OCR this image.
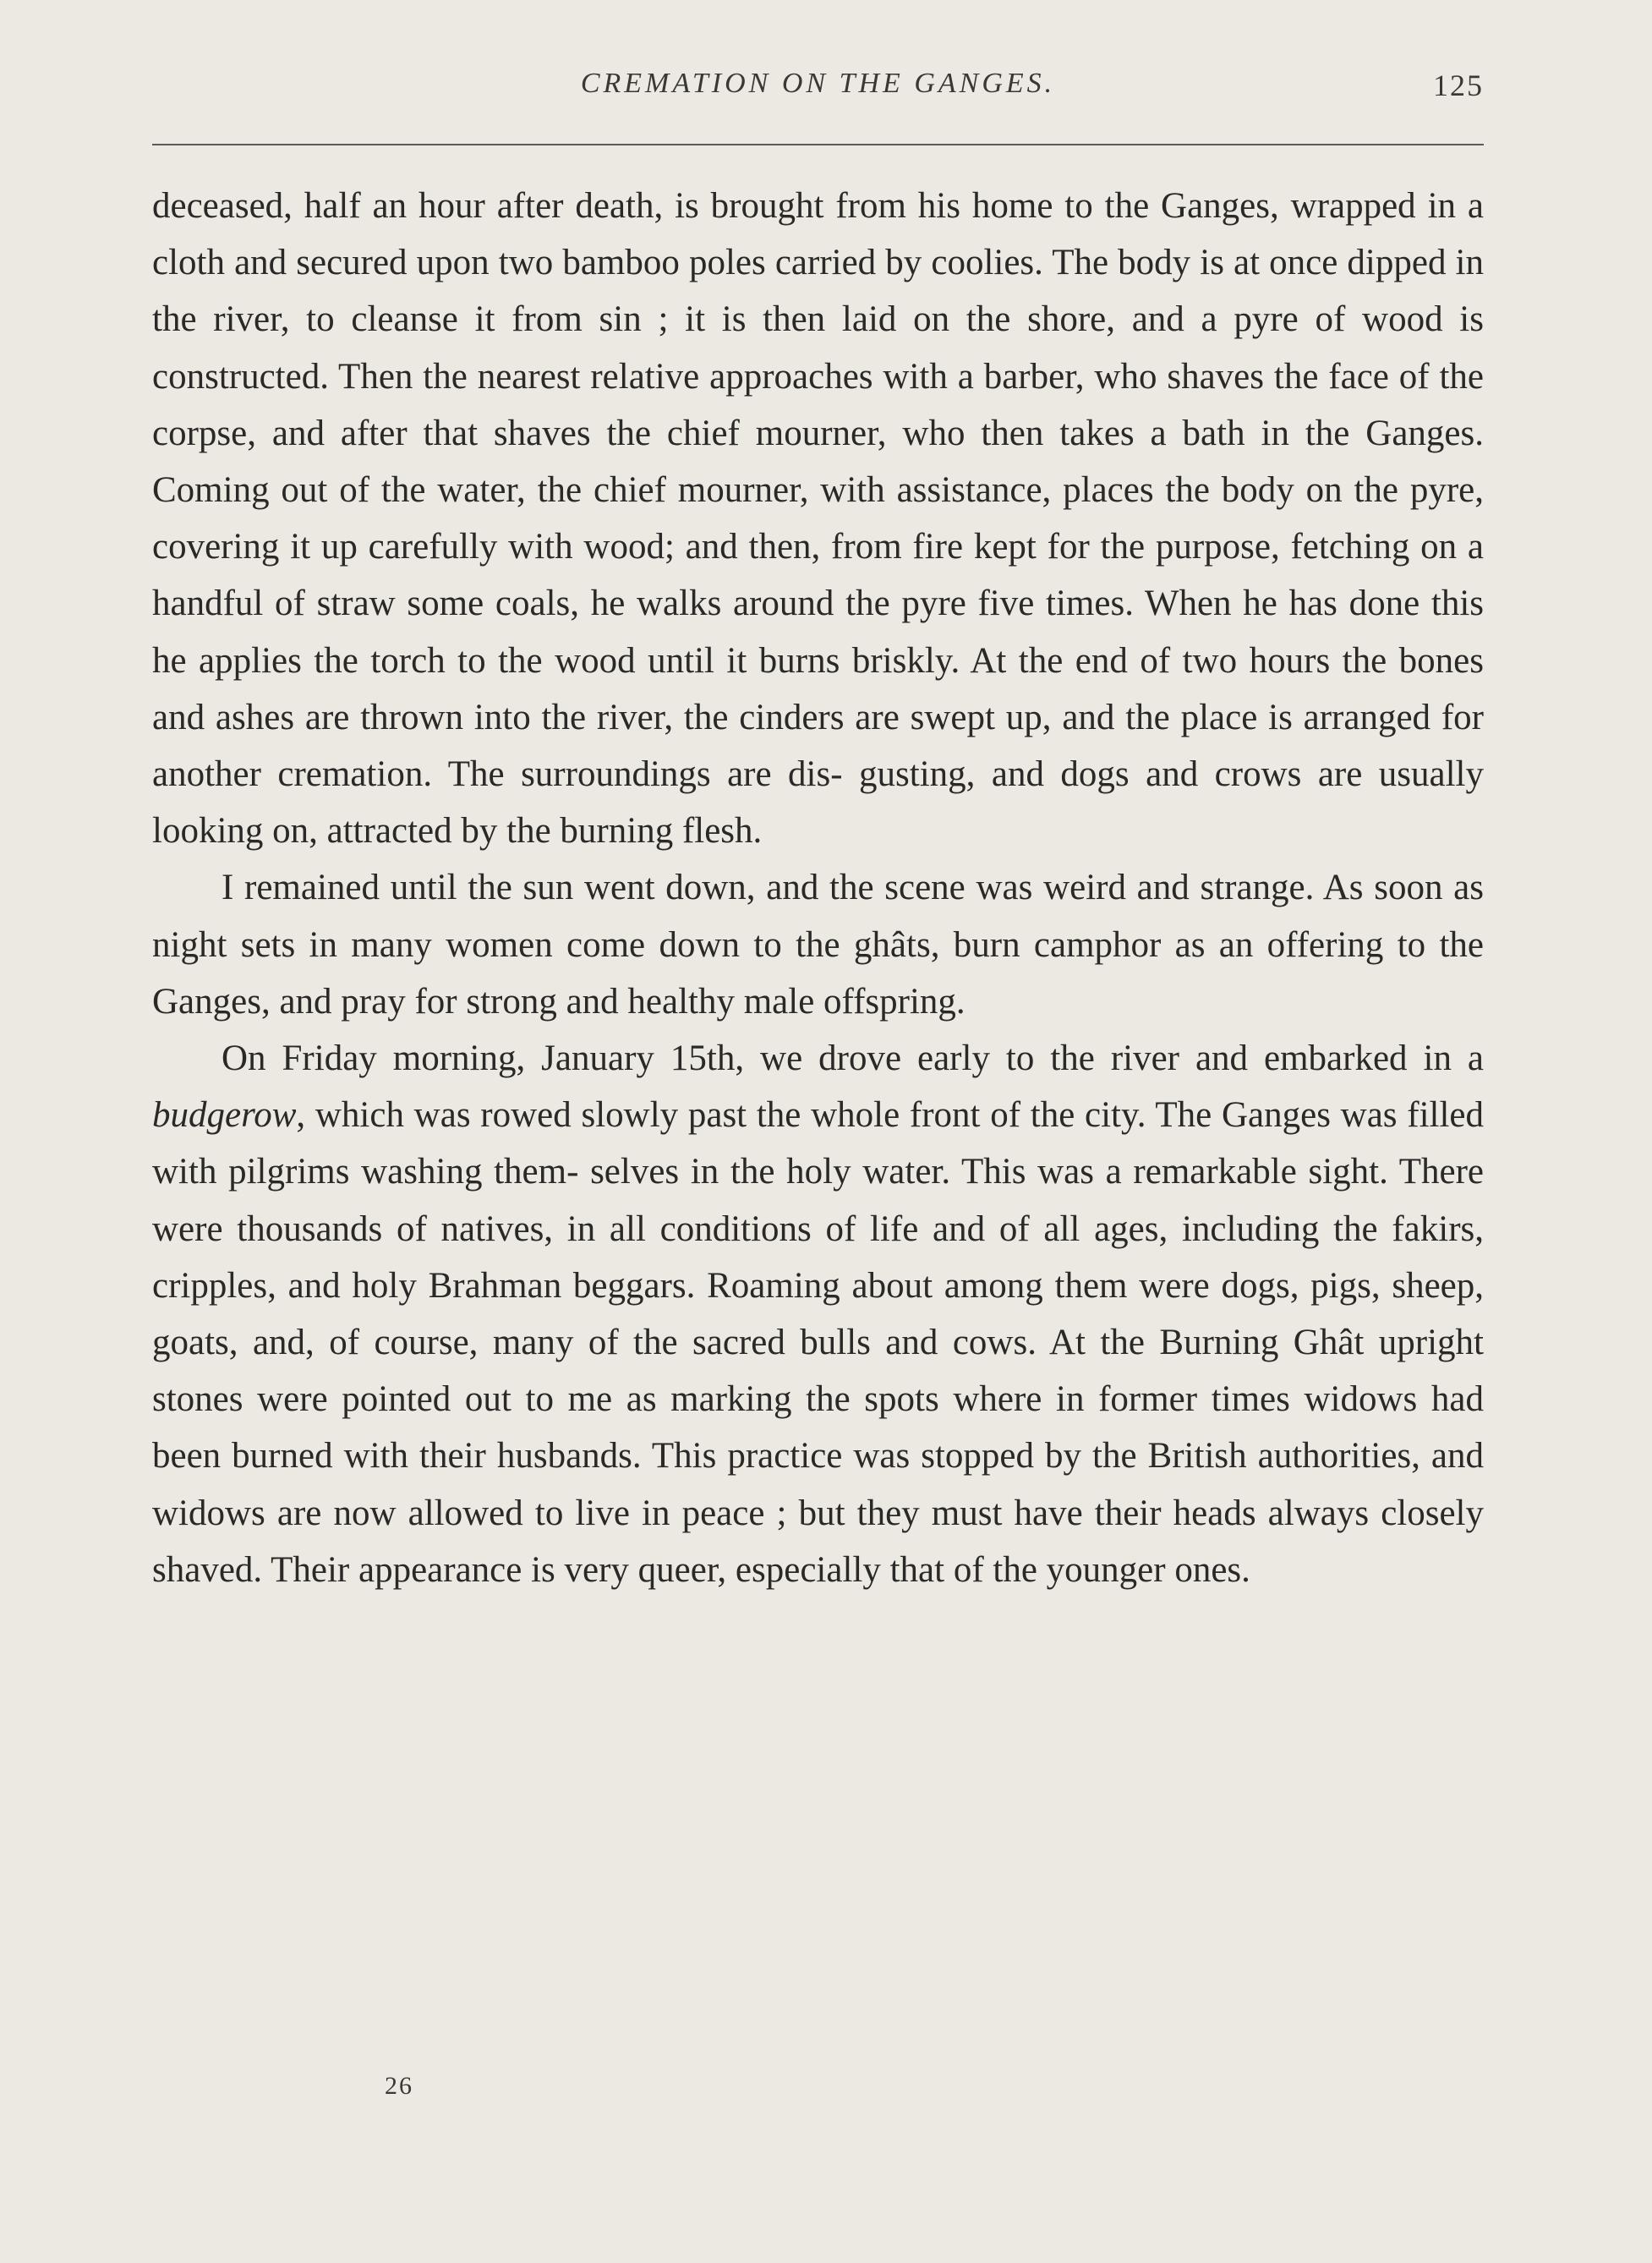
CREMATION ON THE GANGES.	125

deceased, half an hour after death, is brought from his home to the Ganges, wrapped in a cloth and secured upon two bamboo poles carried by coolies. The body is at once dipped in the river, to cleanse it from sin ; it is then laid on the shore, and a pyre of wood is constructed. Then the nearest relative approaches with a barber, who shaves the face of the corpse, and after that shaves the chief mourner, who then takes a bath in the Ganges. Coming out of the water, the chief mourner, with assistance, places the body on the pyre, covering it up carefully with wood; and then, from fire kept for the purpose, fetching on a handful of straw some coals, he walks around the pyre five times. When he has done this he applies the torch to the wood until it burns briskly. At the end of two hours the bones and ashes are thrown into the river, the cinders are swept up, and the place is arranged for another cremation. The surroundings are dis- gusting, and dogs and crows are usually looking on, attracted by the burning flesh.

I remained until the sun went down, and the scene was weird and strange. As soon as night sets in many women come down to the ghâts, burn camphor as an offering to the Ganges, and pray for strong and healthy male offspring.

On Friday morning, January 15th, we drove early to the river and embarked in a budgerow, which was rowed slowly past the whole front of the city. The Ganges was filled with pilgrims washing them- selves in the holy water. This was a remarkable sight. There were thousands of natives, in all conditions of life and of all ages, including the fakirs, cripples, and holy Brahman beggars. Roaming about among them were dogs, pigs, sheep, goats, and, of course, many of the sacred bulls and cows. At the Burning Ghât upright stones were pointed out to me as marking the spots where in former times widows had been burned with their husbands. This practice was stopped by the British authorities, and widows are now allowed to live in peace ; but they must have their heads always closely shaved. Their appearance is very queer, especially that of the younger ones.

26
